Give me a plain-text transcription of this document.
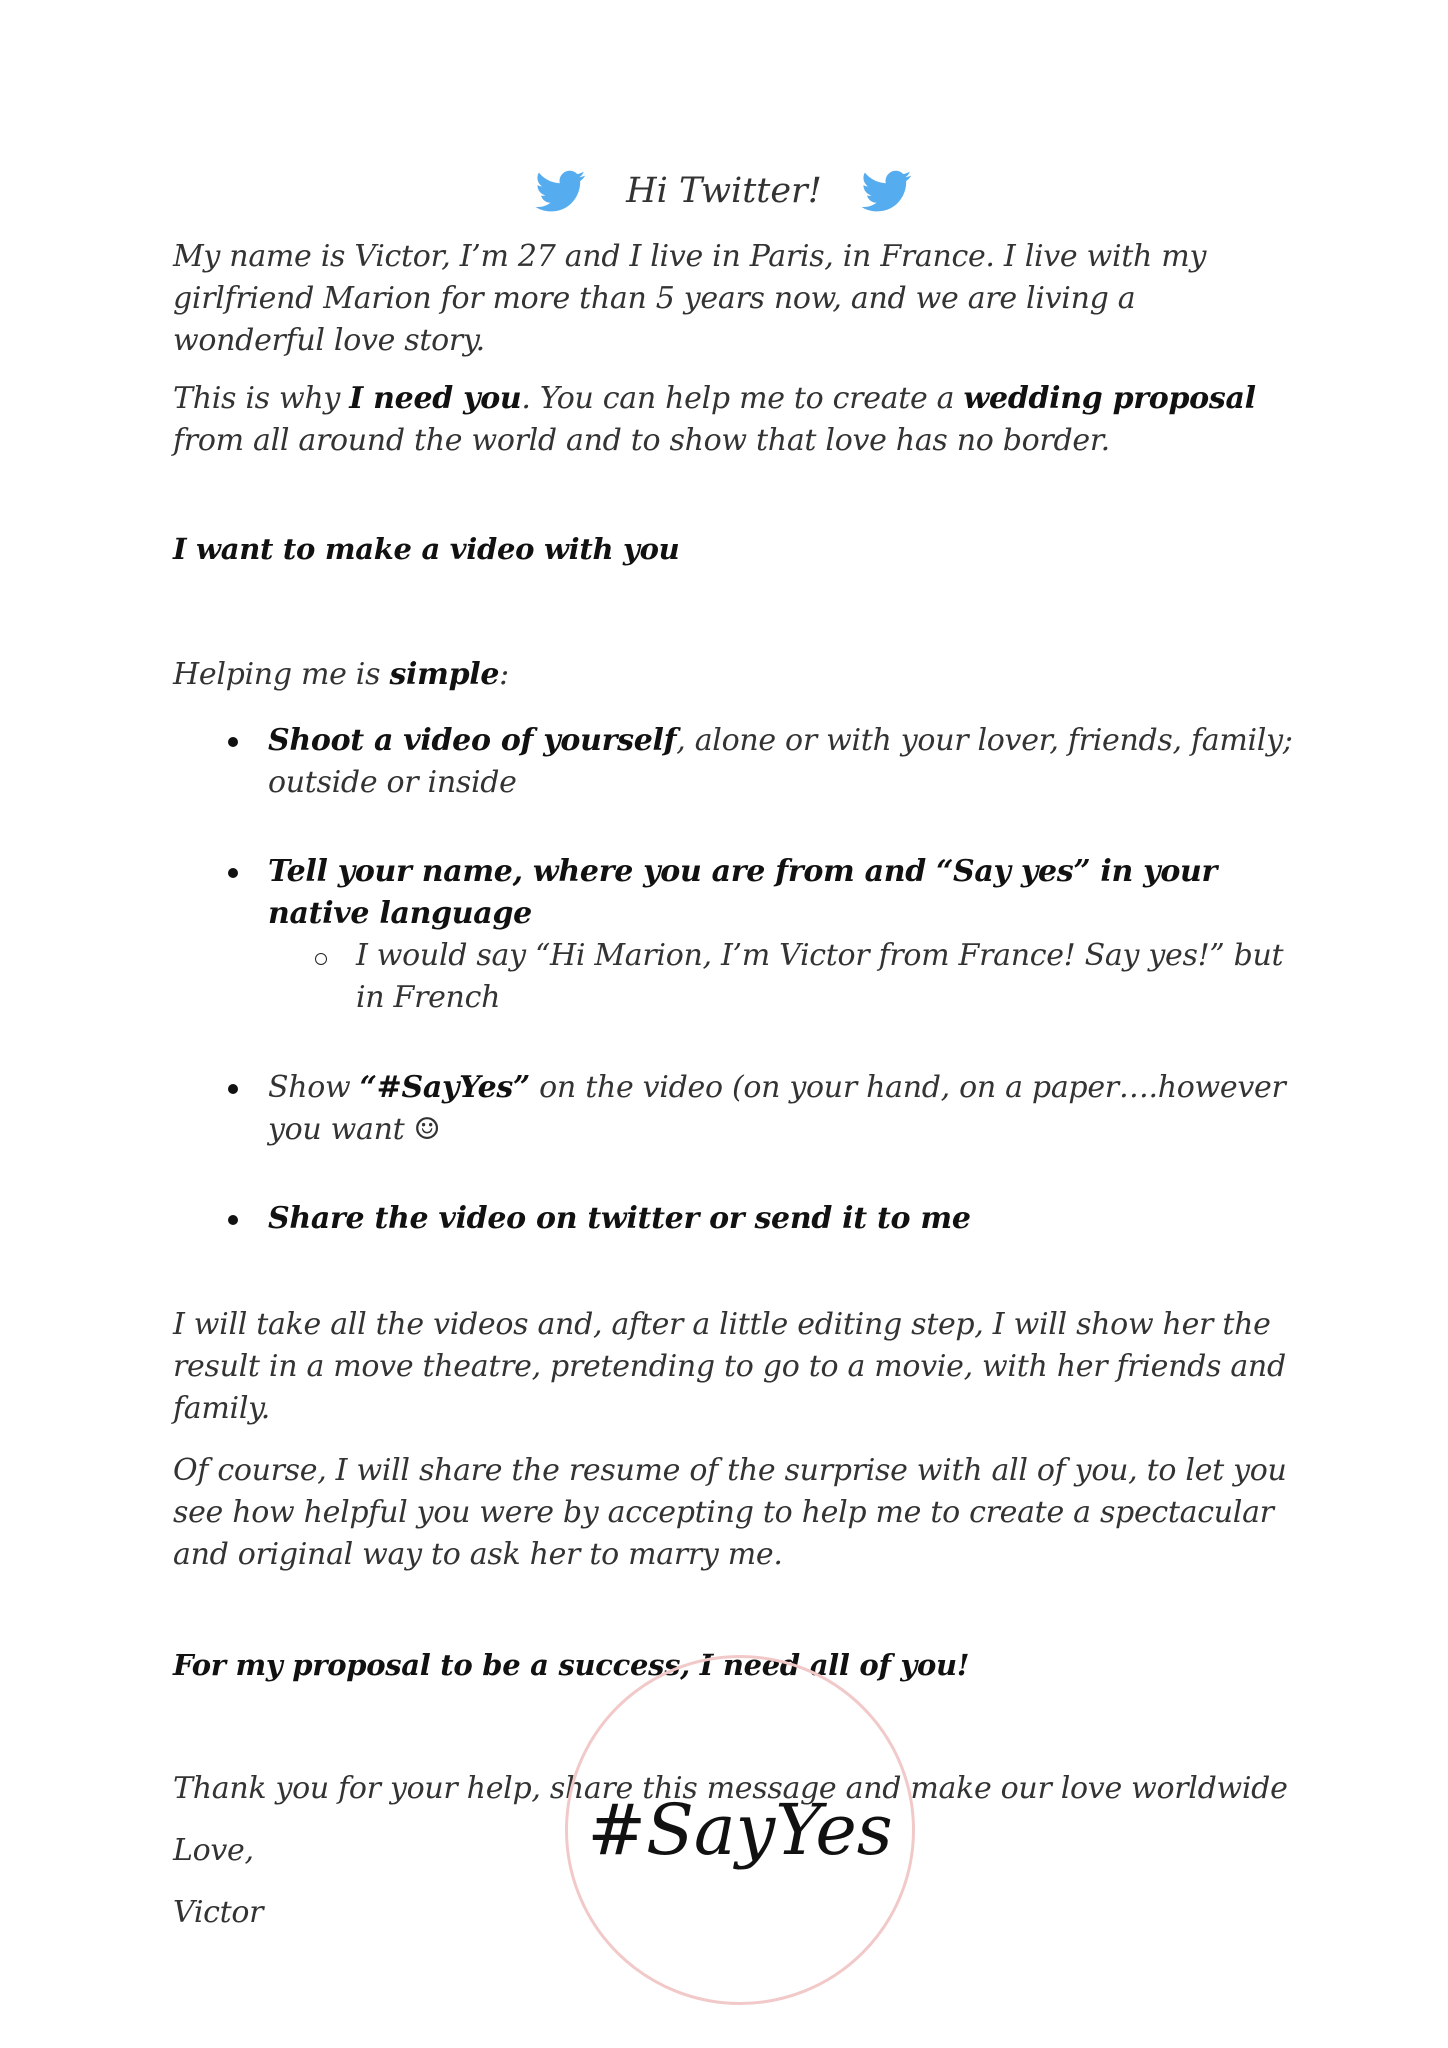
Hi Twitter!

My name is Victor, I’m 27 and I live in Paris, in France. I live with my girlfriend Marion for more than 5 years now, and we are living a wonderful love story.

This is why I need you. You can help me to create a wedding proposal from all around the world and to show that love has no border.

I want to make a video with you

Helping me is simple:

Shoot a video of yourself, alone or with your lover, friends, family; outside or inside
Tell your name, where you are from and “Say yes” in your native language
I would say “Hi Marion, I’m Victor from France! Say yes!” but in French
Show “#SayYes” on the video (on your hand, on a paper….however you want ☺
Share the video on twitter or send it to me

I will take all the videos and, after a little editing step, I will show her the result in a move theatre, pretending to go to a movie, with her friends and family.

Of course, I will share the resume of the surprise with all of you, to let you see how helpful you were by accepting to help me to create a spectacular and original way to ask her to marry me.

For my proposal to be a success, I need all of you!

Thank you for your help, share this message and make our love worldwide

Love,

Victor

#SayYes
